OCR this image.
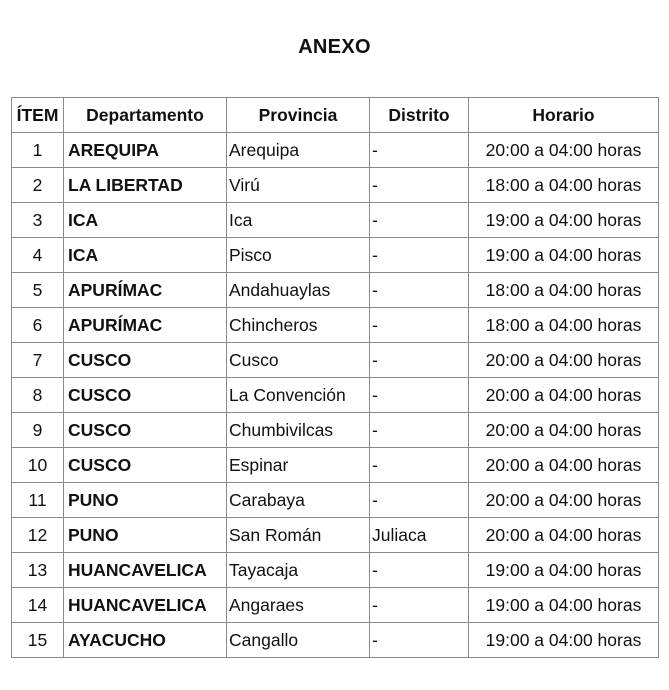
ANEXO
ÍTEM	Departamento	Provincia	Distrito	Horario
1	AREQUIPA	Arequipa	-	20:00 a 04:00 horas
2	LA LIBERTAD	Virú	-	18:00 a 04:00 horas
3	ICA	Ica	-	19:00 a 04:00 horas
4	ICA	Pisco	-	19:00 a 04:00 horas
5	APURÍMAC	Andahuaylas	-	18:00 a 04:00 horas
6	APURÍMAC	Chincheros	-	18:00 a 04:00 horas
7	CUSCO	Cusco	-	20:00 a 04:00 horas
8	CUSCO	La Convención	-	20:00 a 04:00 horas
9	CUSCO	Chumbivilcas	-	20:00 a 04:00 horas
10	CUSCO	Espinar	-	20:00 a 04:00 horas
11	PUNO	Carabaya	-	20:00 a 04:00 horas
12	PUNO	San Román	Juliaca	20:00 a 04:00 horas
13	HUANCAVELICA	Tayacaja	-	19:00 a 04:00 horas
14	HUANCAVELICA	Angaraes	-	19:00 a 04:00 horas
15	AYACUCHO	Cangallo	-	19:00 a 04:00 horas
